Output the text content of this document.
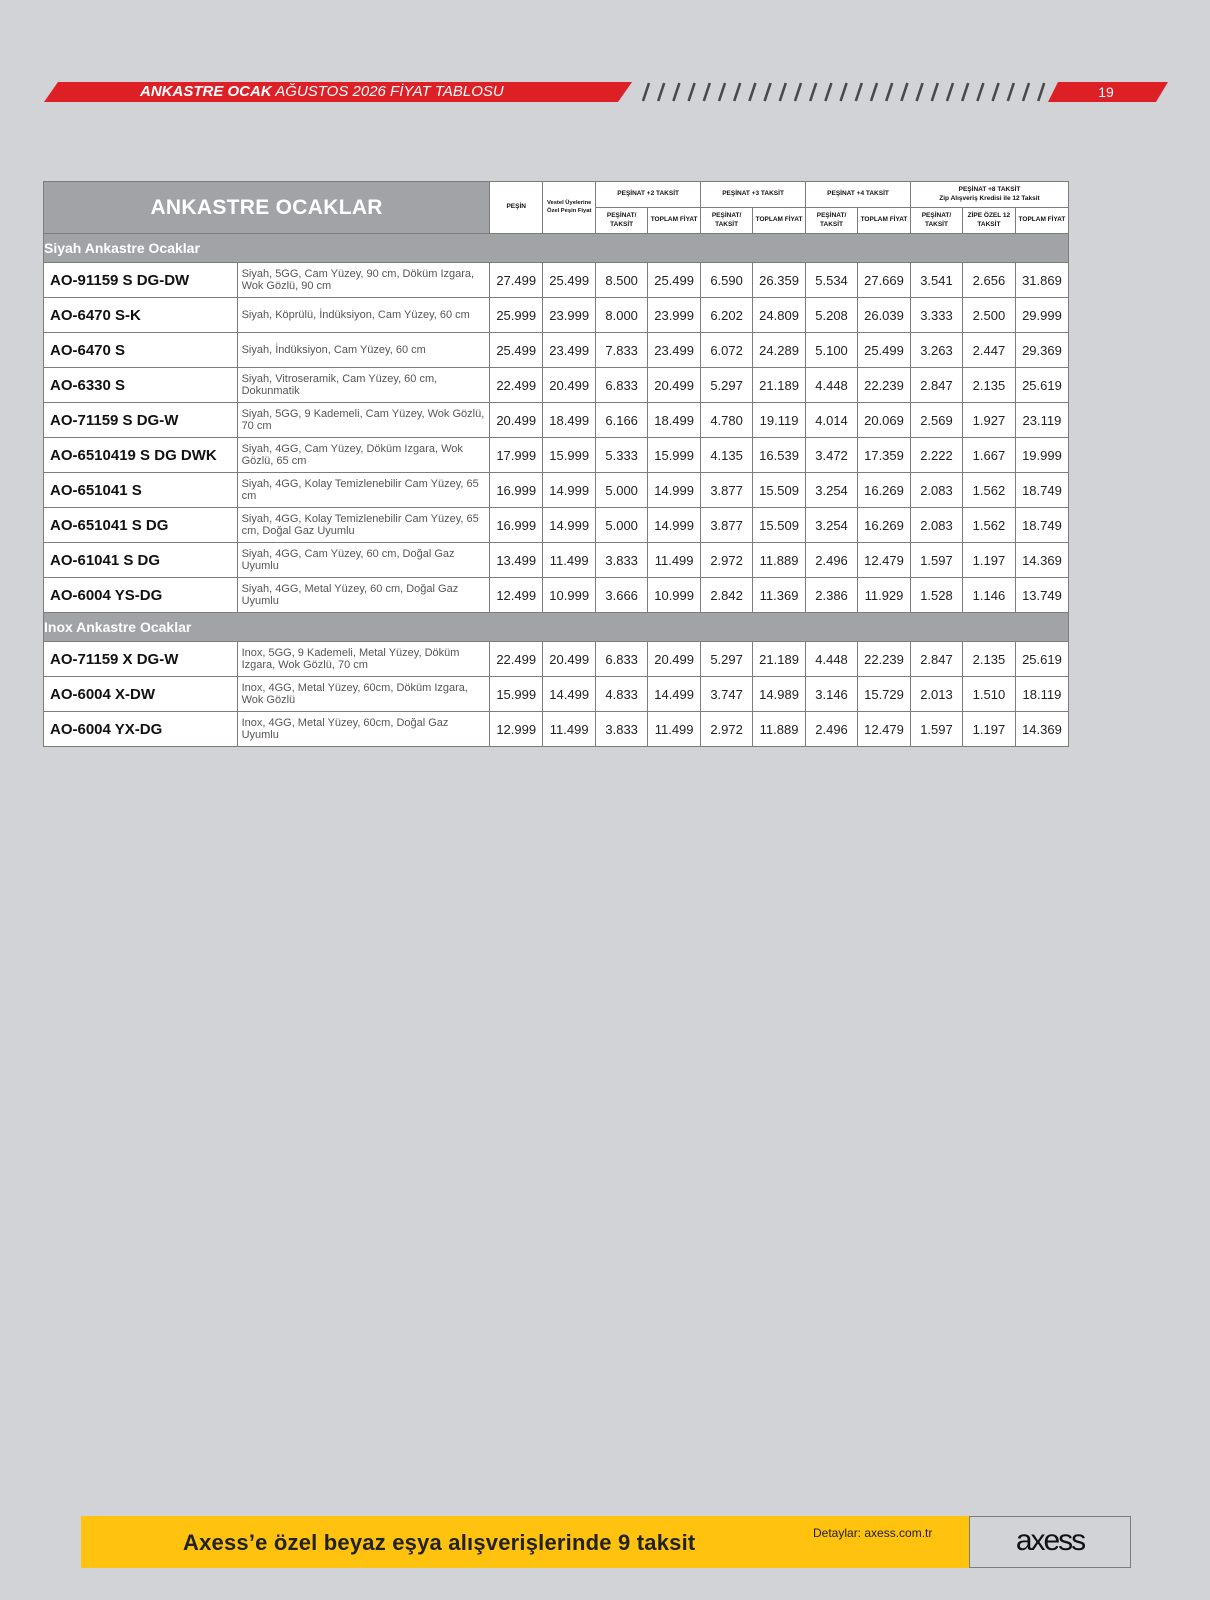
ANKASTRE OCAK AĞUSTOS 2026 FİYAT TABLOSU	19
ANKASTRE OCAKLAR		PEŞİN	Vestel Üyelerine Özel Peşin Fiyat	PEŞİNAT +2 TAKSİT		PEŞİNAT +3 TAKSİT		PEŞİNAT +4 TAKSİT		PEŞİNAT +8 TAKSİT
Zip Alışveriş Kredisi ile 12 Taksit		

				PEŞİNAT/ TAKSİT	TOPLAM FİYAT	PEŞİNAT/ TAKSİT	TOPLAM FİYAT	PEŞİNAT/ TAKSİT	TOPLAM FİYAT	PEŞİNAT/ TAKSİT	ZİPE ÖZEL 12 TAKSİT	TOPLAM FİYAT
Siyah Ankastre Ocaklar												
AO-91159 S DG-DW	Siyah, 5GG, Cam Yüzey, 90 cm, Döküm Izgara, Wok Gözlü, 90 cm	27.499	25.499	8.500	25.499	6.590	26.359	5.534	27.669	3.541	2.656	31.869
AO-6470 S-K	Siyah, Köprülü, İndüksiyon, Cam Yüzey, 60 cm	25.999	23.999	8.000	23.999	6.202	24.809	5.208	26.039	3.333	2.500	29.999
AO-6470 S	Siyah, İndüksiyon, Cam Yüzey, 60 cm	25.499	23.499	7.833	23.499	6.072	24.289	5.100	25.499	3.263	2.447	29.369
AO-6330 S	Siyah, Vitroseramik, Cam Yüzey, 60 cm, Dokunmatik	22.499	20.499	6.833	20.499	5.297	21.189	4.448	22.239	2.847	2.135	25.619
AO-71159 S DG-W	Siyah, 5GG, 9 Kademeli, Cam Yüzey, Wok Gözlü, 70 cm	20.499	18.499	6.166	18.499	4.780	19.119	4.014	20.069	2.569	1.927	23.119
AO-6510419 S DG DWK	Siyah, 4GG, Cam Yüzey, Döküm Izgara, Wok Gözlü, 65 cm	17.999	15.999	5.333	15.999	4.135	16.539	3.472	17.359	2.222	1.667	19.999
AO-651041 S	Siyah, 4GG, Kolay Temizlenebilir Cam Yüzey, 65 cm	16.999	14.999	5.000	14.999	3.877	15.509	3.254	16.269	2.083	1.562	18.749
AO-651041 S DG	Siyah, 4GG, Kolay Temizlenebilir Cam Yüzey, 65 cm, Doğal Gaz Uyumlu	16.999	14.999	5.000	14.999	3.877	15.509	3.254	16.269	2.083	1.562	18.749
AO-61041 S DG	Siyah, 4GG, Cam Yüzey, 60 cm, Doğal Gaz Uyumlu	13.499	11.499	3.833	11.499	2.972	11.889	2.496	12.479	1.597	1.197	14.369
AO-6004 YS-DG	Siyah, 4GG, Metal Yüzey, 60 cm, Doğal Gaz Uyumlu	12.499	10.999	3.666	10.999	2.842	11.369	2.386	11.929	1.528	1.146	13.749
Inox Ankastre Ocaklar												
AO-71159 X DG-W	Inox, 5GG, 9 Kademeli, Metal Yüzey, Döküm Izgara, Wok Gözlü, 70 cm	22.499	20.499	6.833	20.499	5.297	21.189	4.448	22.239	2.847	2.135	25.619
AO-6004 X-DW	Inox, 4GG, Metal Yüzey, 60cm, Döküm Izgara, Wok Gözlü	15.999	14.499	4.833	14.499	3.747	14.989	3.146	15.729	2.013	1.510	18.119
AO-6004 YX-DG	Inox, 4GG, Metal Yüzey, 60cm, Doğal Gaz Uyumlu	12.999	11.499	3.833	11.499	2.972	11.889	2.496	12.479	1.597	1.197	14.369
Axess’e özel beyaz eşya alışverişlerinde 9 taksit	Detaylar: axess.com.tr	axess
